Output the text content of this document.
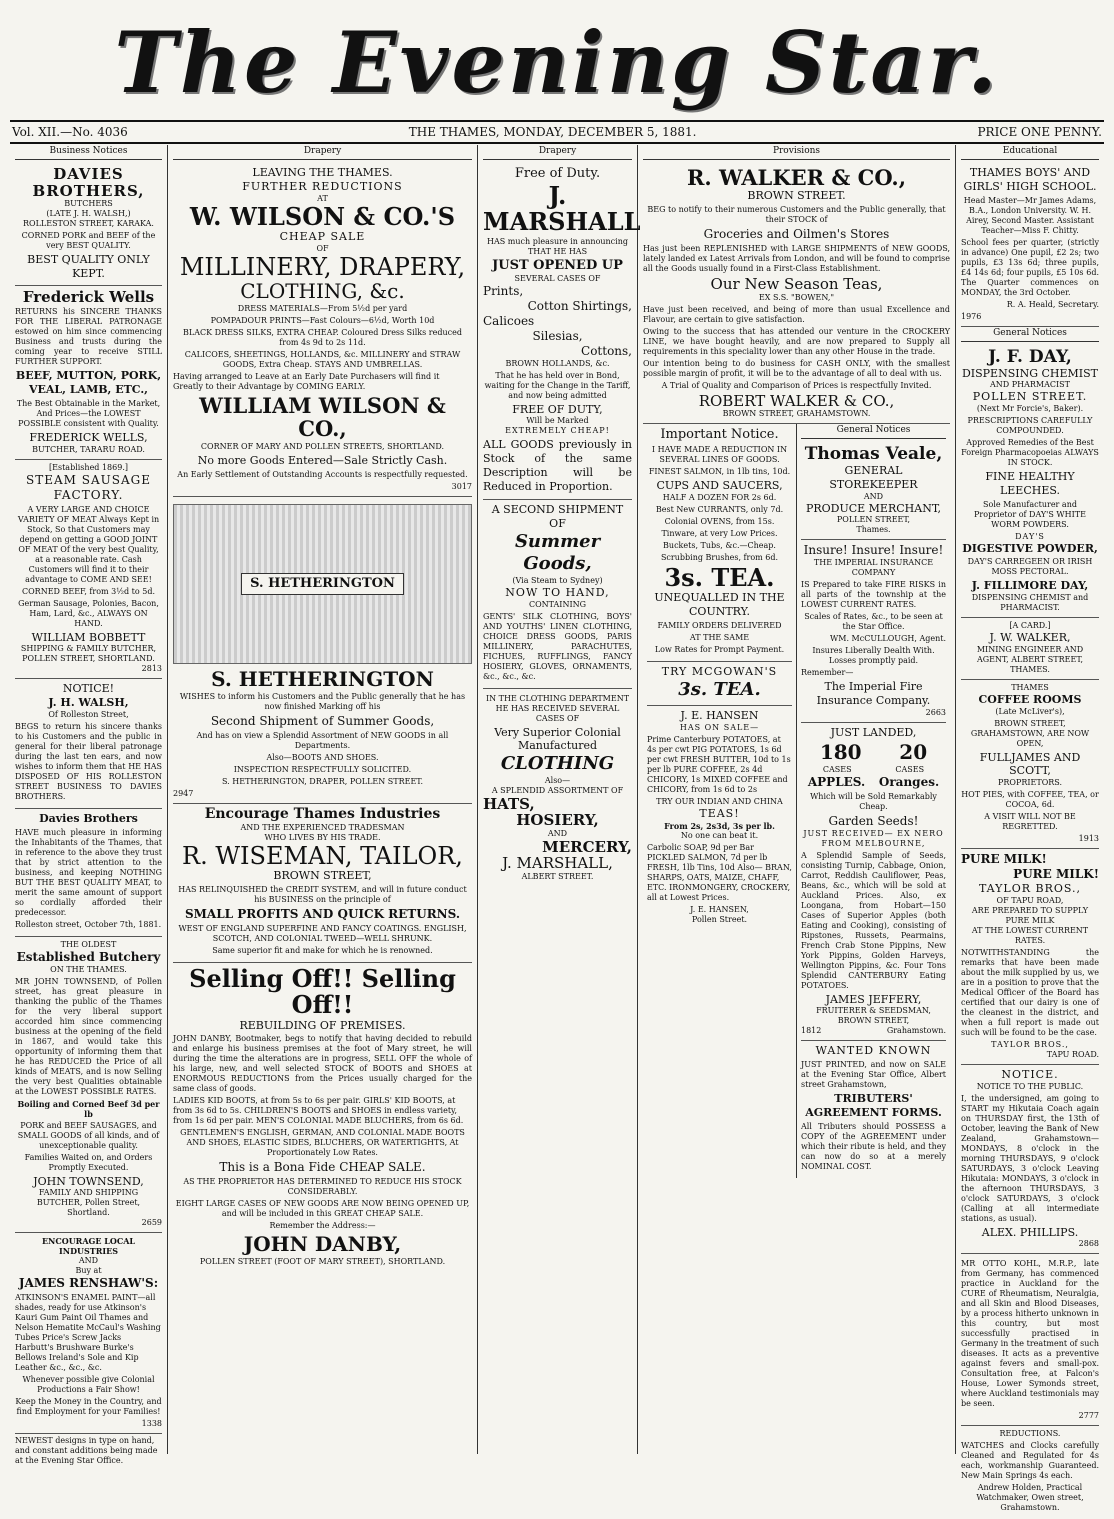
The Evening Star.
Vol. XII.—No. 4036	THE THAMES, MONDAY, DECEMBER 5, 1881.	PRICE ONE PENNY.
Business Notices
DAVIES BROTHERS,
BUTCHERS
(LATE J. H. WALSH,)
ROLLESTON STREET, KARAKA.

CORNED PORK and BEEF of the very BEST QUALITY.

BEST QUALITY ONLY KEPT.
Frederick Wells

RETURNS his SINCERE THANKS FOR THE LIBERAL PATRONAGE estowed on him since commencing Business and trusts during the coming year to receive STILL FURTHER SUPPORT.

BEEF, MUTTON, PORK, VEAL, LAMB, ETC.,

The Best Obtainable in the Market, And Prices—the LOWEST POSSIBLE consistent with Quality.

FREDERICK WELLS,
BUTCHER, TARARU ROAD.
[Established 1869.]
STEAM SAUSAGE FACTORY.

A VERY LARGE AND CHOICE VARIETY OF MEAT Always Kept in Stock, So that Customers may depend on getting a GOOD JOINT OF MEAT Of the very best Quality, at a reasonable rate. Cash Customers will find it to their advantage to COME AND SEE!

CORNED BEEF, from 3½d to 5d.

German Sausage, Polonies, Bacon, Ham, Lard, &c., ALWAYS ON HAND.

WILLIAM BOBBETT
SHIPPING & FAMILY BUTCHER, POLLEN STREET, SHORTLAND.
2813
NOTICE!
J. H. WALSH,
Of Rolleston Street,

BEGS to return his sincere thanks to his Customers and the public in general for their liberal patronage during the last ten ears, and now wishes to inform them that HE HAS DISPOSED OF HIS ROLLESTON STREET BUSINESS TO DAVIES BROTHERS.

Davies Brothers

HAVE much pleasure in informing the Inhabitants of the Thames, that in reference to the above they trust that by strict attention to the business, and keeping NOTHING BUT THE BEST QUALITY MEAT, to merit the same amount of support so cordially afforded their predecessor.

Rolleston street, October 7th, 1881.

THE OLDEST
Established Butchery
ON THE THAMES.

MR JOHN TOWNSEND, of Pollen street, has great pleasure in thanking the public of the Thames for the very liberal support accorded him since commencing business at the opening of the field in 1867, and would take this opportunity of informing them that he has REDUCED the Price of all kinds of MEATS, and is now Selling the very best Qualities obtainable at the LOWEST POSSIBLE RATES.

Boiling and Corned Beef 3d per lb

PORK and BEEF SAUSAGES, and SMALL GOODS of all kinds, and of unexceptionable quality.

Families Waited on, and Orders Promptly Executed.

JOHN TOWNSEND,
FAMILY AND SHIPPING BUTCHER, Pollen Street, Shortland.
2659
ENCOURAGE LOCAL INDUSTRIES
AND
Buy at
JAMES RENSHAW'S:

ATKINSON'S ENAMEL PAINT—all shades, ready for use Atkinson's Kauri Gum Paint Oil Thames and Nelson Hematite McCaul's Washing Tubes Price's Screw Jacks Harbutt's Brushware Burke's Bellows Ireland's Sole and Kip Leather &c., &c., &c.

Whenever possible give Colonial Productions a Fair Show!

Keep the Money in the Country, and find Employment for your Families!

1338

NEWEST designs in type on hand, and constant additions being made at the Evening Star Office.

Drapery
LEAVING THE THAMES.
FURTHER REDUCTIONS
AT
W. WILSON & CO.'S
CHEAP SALE
OF
MILLINERY, DRAPERY,
CLOTHING, &c.

DRESS MATERIALS—From 5½d per yard

POMPADOUR PRINTS—Fast Colours—6½d, Worth 10d

BLACK DRESS SILKS, EXTRA CHEAP. Coloured Dress Silks reduced from 4s 9d to 2s 11d.

CALICOES, SHEETINGS, HOLLANDS, &c. MILLINERY and STRAW GOODS, Extra Cheap. STAYS AND UMBRELLAS.

Having arranged to Leave at an Early Date Purchasers will find it Greatly to their Advantage by COMING EARLY.

WILLIAM WILSON & CO.,

CORNER OF MARY AND POLLEN STREETS, SHORTLAND.

No more Goods Entered—Sale Strictly Cash.

An Early Settlement of Outstanding Accounts is respectfully requested.

3017
S. HETHERINGTON
S. HETHERINGTON

WISHES to inform his Customers and the Public generally that he has now finished Marking off his

Second Shipment of Summer Goods,

And has on view a Splendid Assortment of NEW GOODS in all Departments.

Also—BOOTS AND SHOES.

INSPECTION RESPECTFULLY SOLICITED.

S. HETHERINGTON, DRAPER, POLLEN STREET.

2947
Encourage Thames Industries
AND THE EXPERIENCED TRADESMAN
WHO LIVES BY HIS TRADE.
R. WISEMAN, TAILOR,
BROWN STREET,

HAS RELINQUISHED the CREDIT SYSTEM, and will in future conduct his BUSINESS on the principle of

SMALL PROFITS AND QUICK RETURNS.

WEST OF ENGLAND SUPERFINE AND FANCY COATINGS. ENGLISH, SCOTCH, AND COLONIAL TWEED—WELL SHRUNK.

Same superior fit and make for which he is renowned.

Selling Off!! Selling Off!!
REBUILDING OF PREMISES.

JOHN DANBY, Bootmaker, begs to notify that having decided to rebuild and enlarge his business premises at the foot of Mary street, he will during the time the alterations are in progress, SELL OFF the whole of his large, new, and well selected STOCK of BOOTS and SHOES at ENORMOUS REDUCTIONS from the Prices usually charged for the same class of goods.

LADIES KID BOOTS, at from 5s to 6s per pair. GIRLS' KID BOOTS, at from 3s 6d to 5s. CHILDREN'S BOOTS and SHOES in endless variety, from 1s 6d per pair. MEN'S COLONIAL MADE BLUCHERS, from 6s 6d.

GENTLEMEN'S ENGLISH, GERMAN, AND COLONIAL MADE BOOTS AND SHOES, ELASTIC SIDES, BLUCHERS, OR WATERTIGHTS, At Proportionately Low Rates.

This is a Bona Fide CHEAP SALE.

AS THE PROPRIETOR HAS DETERMINED TO REDUCE HIS STOCK CONSIDERABLY.

EIGHT LARGE CASES OF NEW GOODS ARE NOW BEING OPENED UP, and will be included in this GREAT CHEAP SALE.

Remember the Address:—

JOHN DANBY,

POLLEN STREET (FOOT OF MARY STREET), SHORTLAND.

Drapery
Free of Duty.
J. MARSHALL

HAS much pleasure in announcing THAT HE HAS

JUST OPENED UP
SEVERAL CASES OF
Prints,
Cotton Shirtings,
Calicoes
Silesias,
Cottons,
BROWN HOLLANDS, &c.

That he has held over in Bond, waiting for the Change in the Tariff, and now being admitted

FREE OF DUTY,
Will be Marked
EXTREMELY CHEAP!

ALL GOODS previously in Stock of the same Description will be Reduced in Proportion.

A SECOND SHIPMENT OF
Summer Goods,
(Via Steam to Sydney)
NOW TO HAND,
CONTAINING

GENTS' SILK CLOTHING, BOYS' AND YOUTHS' LINEN CLOTHING, CHOICE DRESS GOODS, PARIS MILLINERY, PARACHUTES, FICHUES, RUFFLINGS, FANCY HOSIERY, GLOVES, ORNAMENTS, &c., &c., &c.

IN THE CLOTHING DEPARTMENT HE HAS RECEIVED SEVERAL CASES OF

Very Superior Colonial Manufactured
CLOTHING
Also—
A SPLENDID ASSORTMENT OF
HATS,
HOSIERY,
AND
MERCERY,
J. MARSHALL,
ALBERT STREET.
Provisions
R. WALKER & CO.,
BROWN STREET.

BEG to notify to their numerous Customers and the Public generally, that their STOCK of

Groceries and Oilmen's Stores

Has just been REPLENISHED with LARGE SHIPMENTS of NEW GOODS, lately landed ex Latest Arrivals from London, and will be found to comprise all the Goods usually found in a First-Class Establishment.

Our New Season Teas,
EX S.S. "BOWEN,"

Have just been received, and being of more than usual Excellence and Flavour, are certain to give satisfaction.

Owing to the success that has attended our venture in the CROCKERY LINE, we have bought heavily, and are now prepared to Supply all requirements in this speciality lower than any other House in the trade.

Our intention being to do business for CASH ONLY, with the smallest possible margin of profit, it will be to the advantage of all to deal with us.

A Trial of Quality and Comparison of Prices is respectfully Invited.

ROBERT WALKER & CO.,
BROWN STREET, GRAHAMSTOWN.
Important Notice.

I HAVE MADE A REDUCTION IN SEVERAL LINES OF GOODS.

FINEST SALMON, in 1lb tins, 10d.

CUPS AND SAUCERS,
HALF A DOZEN FOR 2s 6d.

Best New CURRANTS, only 7d.

Colonial OVENS, from 15s.

Tinware, at very Low Prices.

Buckets, Tubs, &c.—Cheap.

Scrubbing Brushes, from 6d.

3s. TEA.
UNEQUALLED IN THE COUNTRY.

FAMILY ORDERS DELIVERED

AT THE SAME

Low Rates for Prompt Payment.

TRY MCGOWAN'S
3s. TEA.
J. E. HANSEN
HAS ON SALE—

Prime Canterbury POTATOES, at 4s per cwt PIG POTATOES, 1s 6d per cwt FRESH BUTTER, 10d to 1s per lb PURE COFFEE, 2s 4d CHICORY, 1s MIXED COFFEE and CHICORY, from 1s 6d to 2s

TRY OUR INDIAN AND CHINA
TEAS!
From 2s, 2s3d, 3s per lb.
No one can beat it.

Carbolic SOAP, 9d per Bar PICKLED SALMON, 7d per lb FRESH, 1lb Tins, 10d Also— BRAN, SHARPS, OATS, MAIZE, CHAFF, ETC. IRONMONGERY, CROCKERY, all at Lowest Prices.

J. E. HANSEN,
Pollen Street.
General Notices
Thomas Veale,
GENERAL STOREKEEPER
AND
PRODUCE MERCHANT,
POLLEN STREET,
Thames.
Insure! Insure! Insure!
THE IMPERIAL INSURANCE COMPANY

IS Prepared to take FIRE RISKS in all parts of the township at the LOWEST CURRENT RATES.

Scales of Rates, &c., to be seen at the Star Office.

WM. McCULLOUGH, Agent.

Insures Liberally Dealth With. Losses promptly paid.

Remember—

The Imperial Fire Insurance Company.
2663
JUST LANDED,
180 20
CASES	CASES
APPLES. Oranges.

Which will be Sold Remarkably Cheap.

Garden Seeds!
JUST RECEIVED— EX NERO FROM MELBOURNE,

A Splendid Sample of Seeds, consisting Turnip, Cabbage, Onion, Carrot, Reddish Cauliflower, Peas, Beans, &c., which will be sold at Auckland Prices. Also, ex Loongana, from Hobart—150 Cases of Superior Apples (both Eating and Cooking), consisting of Ripstones, Russets, Pearmains, French Crab Stone Pippins, New York Pippins, Golden Harveys, Wellington Pippins, &c. Four Tons Splendid CANTERBURY Eating POTATOES.

JAMES JEFFERY,
FRUITERER & SEEDSMAN, BROWN STREET,
1812	Grahamstown.
WANTED KNOWN

JUST PRINTED, and now on SALE at the Evening Star Office, Albert street Grahamstown,

TRIBUTERS' AGREEMENT FORMS.

All Tributers should POSSESS a COPY of the AGREEMENT under which their ribute is held, and they can now do so at a merely NOMINAL COST.

Educational
THAMES BOYS' AND GIRLS' HIGH SCHOOL.

Head Master—Mr James Adams, B.A., London University. W. H. Airey, Second Master. Assistant Teacher—Miss F. Chitty.

School fees per quarter, (strictly in advance) One pupil, £2 2s; two pupils, £3 13s 6d; three pupils, £4 14s 6d; four pupils, £5 10s 6d. The Quarter commences on MONDAY, the 3rd October.

R. A. Heald, Secretary.

1976
General Notices
J. F. DAY,
DISPENSING CHEMIST
AND PHARMACIST
POLLEN STREET.
(Next Mr Forcie's, Baker).

PRESCRIPTIONS CAREFULLY COMPOUNDED.

Approved Remedies of the Best Foreign Pharmacopoeias ALWAYS IN STOCK.

FINE HEALTHY LEECHES.

Sole Manufacturer and Proprietor of DAY'S WHITE WORM POWDERS.

DAY'S
DIGESTIVE POWDER,

DAY'S CARREGEEN OR IRISH MOSS PECTORAL.

J. FILLIMORE DAY,
DISPENSING CHEMIST and PHARMACIST.
[A CARD.]
J. W. WALKER,
MINING ENGINEER AND AGENT, ALBERT STREET, THAMES.
THAMES
COFFEE ROOMS
(Late McLiver's),

BROWN STREET, GRAHAMSTOWN, ARE NOW OPEN,

FULLJAMES AND SCOTT,
PROPRIETORS.

HOT PIES, with COFFEE, TEA, or COCOA, 6d.

A VISIT WILL NOT BE REGRETTED.

1913
PURE MILK!
PURE MILK!
TAYLOR BROS.,
OF TAPU ROAD,
ARE PREPARED TO SUPPLY PURE MILK
AT THE LOWEST CURRENT RATES.

NOTWITHSTANDING the remarks that have been made about the milk supplied by us, we are in a position to prove that the Medical Officer of the Board has certified that our dairy is one of the cleanest in the district, and when a full report is made out such will be found to be the case.

TAYLOR BROS.,
TAPU ROAD.
NOTICE.
NOTICE TO THE PUBLIC.

I, the undersigned, am going to START my Hikutaia Coach again on THURSDAY first, the 13th of October, leaving the Bank of New Zealand, Grahamstown— MONDAYS, 8 o'clock in the morning THURSDAYS, 9 o'clock SATURDAYS, 3 o'clock Leaving Hikutaia: MONDAYS, 3 o'clock in the afternoon THURSDAYS, 3 o'clock SATURDAYS, 3 o'clock (Calling at all intermediate stations, as usual).

ALEX. PHILLIPS.
2868

MR OTTO KOHL, M.R.P., late from Germany, has commenced practice in Auckland for the CURE of Rheumatism, Neuralgia, and all Skin and Blood Diseases, by a process hitherto unknown in this country, but most successfully practised in Germany in the treatment of such diseases. It acts as a preventive against fevers and small-pox. Consultation free, at Falcon's House, Lower Symonds street, where Auckland testimonials may be seen.

2777
REDUCTIONS.

WATCHES and Clocks carefully Cleaned and Regulated for 4s each, workmanship Guaranteed. New Main Springs 4s each.

Andrew Holden, Practical Watchmaker, Owen street, Grahamstown.
